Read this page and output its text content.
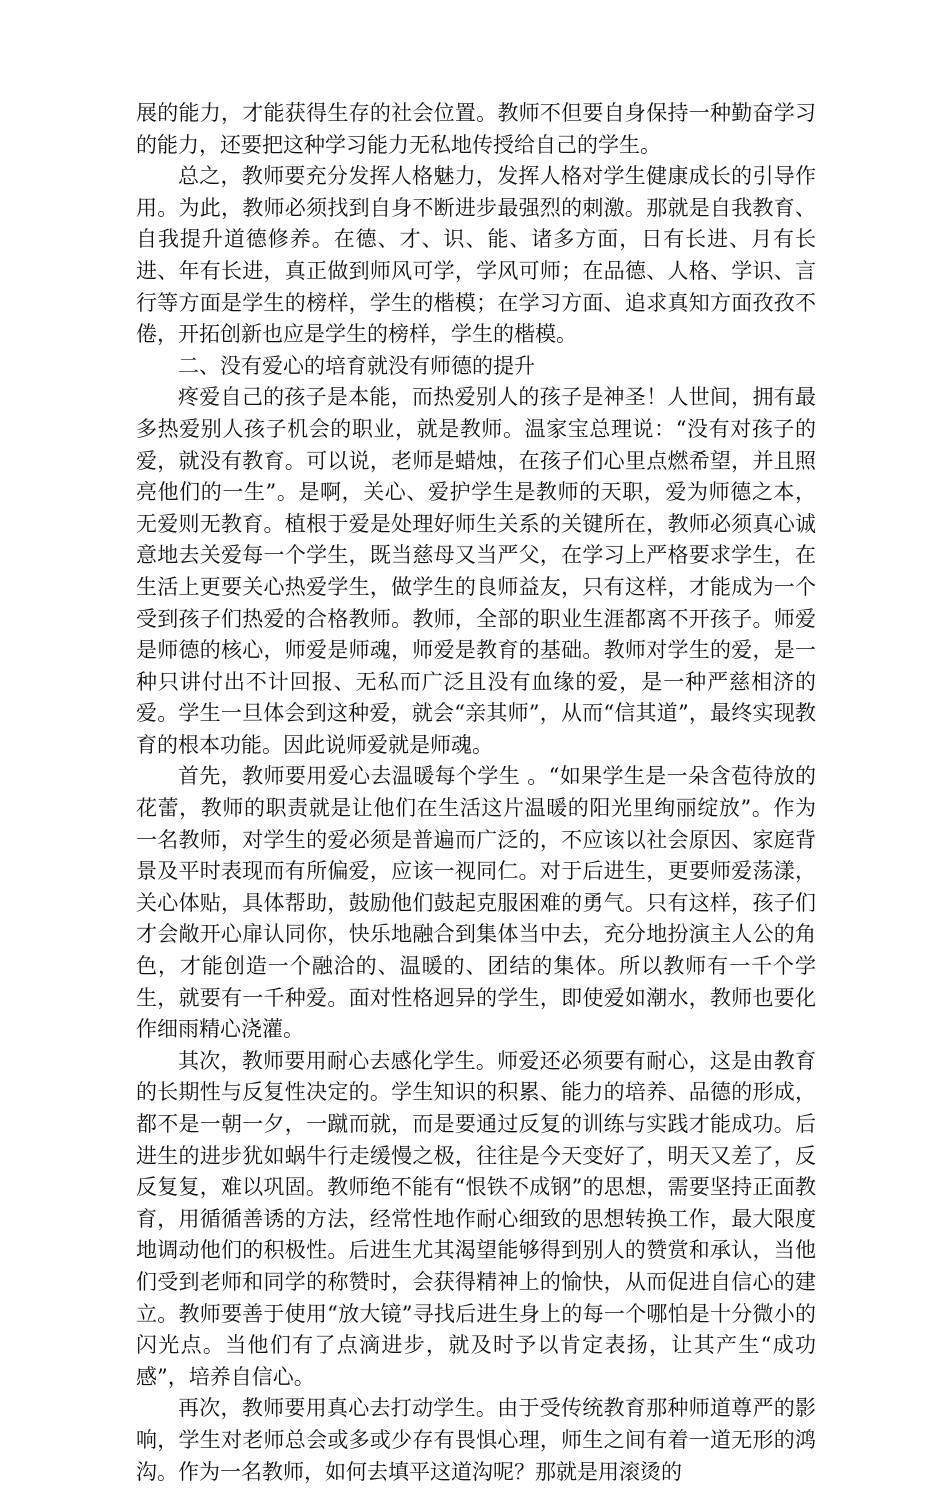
展的能力，才能获得生存的社会位置。教师不但要自身保持一种勤奋学习的能力，还要把这种学习能力无私地传授给自己的学生。

总之，教师要充分发挥人格魅力，发挥人格对学生健康成长的引导作用。为此，教师必须找到自身不断进步最强烈的刺激。那就是自我教育、自我提升道德修养。在德、才、识、能、诸多方面，日有长进、月有长进、年有长进，真正做到师风可学，学风可师；在品德、人格、学识、言行等方面是学生的榜样，学生的楷模；在学习方面、追求真知方面孜孜不倦，开拓创新也应是学生的榜样，学生的楷模。

二、没有爱心的培育就没有师德的提升

疼爱自己的孩子是本能，而热爱别人的孩子是神圣！人世间，拥有最多热爱别人孩子机会的职业，就是教师。温家宝总理说：“没有对孩子的爱，就没有教育。可以说，老师是蜡烛，在孩子们心里点燃希望，并且照亮他们的一生”。是啊，关心、爱护学生是教师的天职，爱为师德之本，无爱则无教育。植根于爱是处理好师生关系的关键所在，教师必须真心诚意地去关爱每一个学生，既当慈母又当严父，在学习上严格要求学生，在生活上更要关心热爱学生，做学生的良师益友，只有这样，才能成为一个受到孩子们热爱的合格教师。教师，全部的职业生涯都离不开孩子。师爱是师德的核心，师爱是师魂，师爱是教育的基础。教师对学生的爱，是一种只讲付出不计回报、无私而广泛且没有血缘的爱，是一种严慈相济的爱。学生一旦体会到这种爱，就会“亲其师”，从而“信其道”，最终实现教育的根本功能。因此说师爱就是师魂。

首先，教师要用爱心去温暖每个学生 。“如果学生是一朵含苞待放的花蕾，教师的职责就是让他们在生活这片温暖的阳光里绚丽绽放”。作为一名教师，对学生的爱必须是普遍而广泛的，不应该以社会原因、家庭背景及平时表现而有所偏爱，应该一视同仁。对于后进生，更要师爱荡漾，关心体贴，具体帮助，鼓励他们鼓起克服困难的勇气。只有这样，孩子们才会敞开心扉认同你，快乐地融合到集体当中去，充分地扮演主人公的角色，才能创造一个融洽的、温暖的、团结的集体。所以教师有一千个学生，就要有一千种爱。面对性格迥异的学生，即使爱如潮水，教师也要化作细雨精心浇灌。

其次，教师要用耐心去感化学生。师爱还必须要有耐心，这是由教育的长期性与反复性决定的。学生知识的积累、能力的培养、品德的形成，都不是一朝一夕，一蹴而就，而是要通过反复的训练与实践才能成功。后进生的进步犹如蜗牛行走缓慢之极，往往是今天变好了，明天又差了，反反复复，难以巩固。教师绝不能有“恨铁不成钢”的思想，需要坚持正面教育，用循循善诱的方法，经常性地作耐心细致的思想转换工作，最大限度地调动他们的积极性。后进生尤其渴望能够得到别人的赞赏和承认，当他们受到老师和同学的称赞时，会获得精神上的愉快，从而促进自信心的建立。教师要善于使用“放大镜”寻找后进生身上的每一个哪怕是十分微小的闪光点。当他们有了点滴进步，就及时予以肯定表扬，让其产生“成功感”，培养自信心。

再次，教师要用真心去打动学生。由于受传统教育那种师道尊严的影响，学生对老师总会或多或少存有畏惧心理，师生之间有着一道无形的鸿沟。作为一名教师，如何去填平这道沟呢？那就是用滚烫的
